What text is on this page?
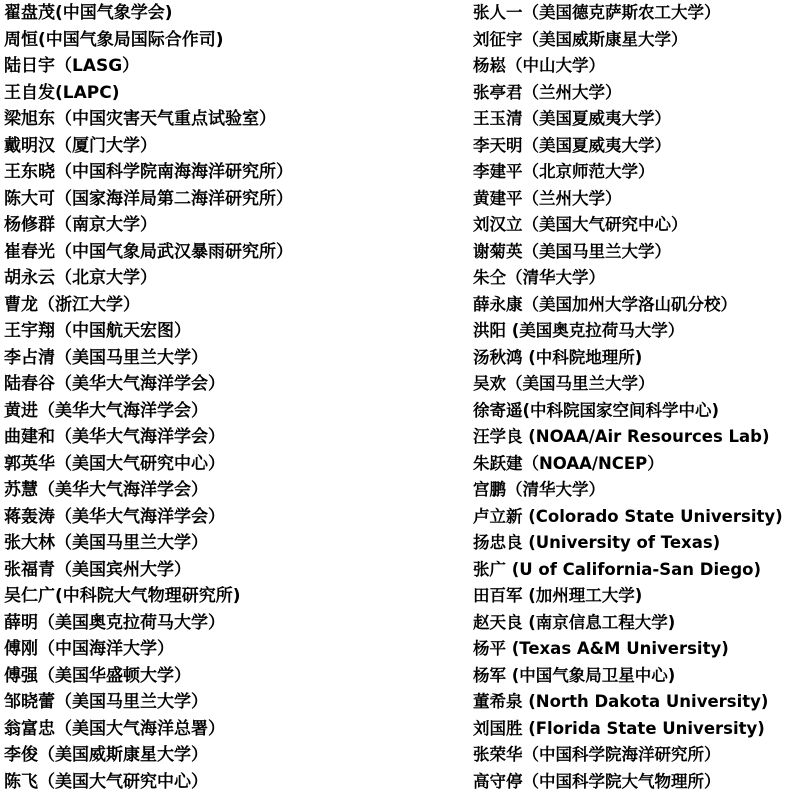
翟盘茂(中国气象学会)
周恒(中国气象局国际合作司)
陆日宇（LASG）
王自发(LAPC)
梁旭东（中国灾害天气重点试验室）
戴明汉（厦门大学）
王东晓（中国科学院南海海洋研究所）
陈大可（国家海洋局第二海洋研究所）
杨修群（南京大学）
崔春光（中国气象局武汉暴雨研究所）
胡永云（北京大学）
曹龙（浙江大学）
王宇翔（中国航天宏图）
李占清（美国马里兰大学）
陆春谷（美华大气海洋学会）
黄进（美华大气海洋学会）
曲建和（美华大气海洋学会）
郭英华（美国大气研究中心）
苏慧（美华大气海洋学会）
蒋轰涛（美华大气海洋学会）
张大林（美国马里兰大学）
张福青（美国宾州大学）
吴仁广(中科院大气物理研究所)
薛明（美国奥克拉荷马大学）
傅刚（中国海洋大学）
傅强（美国华盛顿大学）
邹晓蕾（美国马里兰大学）
翁富忠（美国大气海洋总署）
李俊（美国威斯康星大学）
陈飞（美国大气研究中心）
张人一（美国德克萨斯农工大学）
刘征宇（美国威斯康星大学）
杨崧（中山大学）
张亭君（兰州大学）
王玉清（美国夏威夷大学）
李天明（美国夏威夷大学）
李建平（北京师范大学）
黄建平（兰州大学）
刘汉立（美国大气研究中心）
谢菊英（美国马里兰大学）
朱仝（清华大学）
薛永康（美国加州大学洛山矶分校）
洪阳 (美国奥克拉荷马大学）
汤秋鸿 (中科院地理所)
吴欢（美国马里兰大学）
徐寄遥(中科院国家空间科学中心)
汪学良 (NOAA/Air Resources Lab)
朱跃建（NOAA/NCEP）
宫鹏（清华大学）
卢立新 (Colorado State University)
扬忠良 (University of Texas)
张广 (U of California-San Diego)
田百军 (加州理工大学)
赵天良 (南京信息工程大学)
杨平 (Texas A&M University)
杨军 (中国气象局卫星中心)
董希泉 (North Dakota University)
刘国胜 (Florida State University)
张荣华（中国科学院海洋研究所）
高守停（中国科学院大气物理所）
